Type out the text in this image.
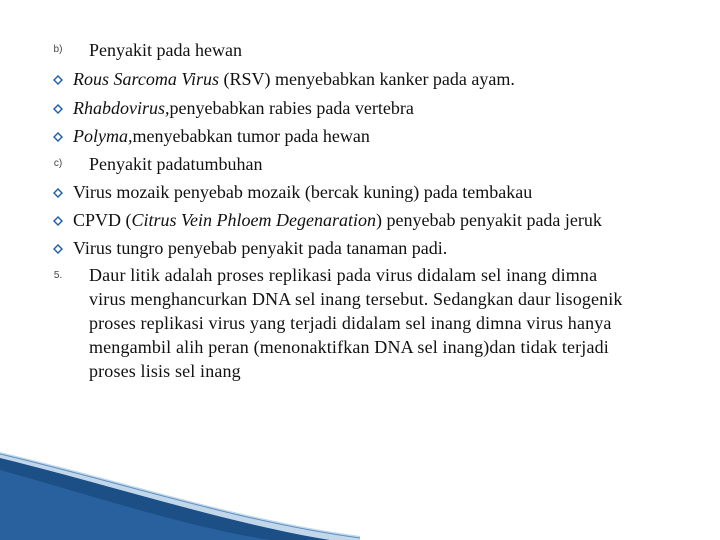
b) Penyakit pada hewan
Rous Sarcoma Virus (RSV) menyebabkan kanker pada ayam.
Rhabdovirus,penyebabkan rabies pada vertebra
Polyma,menyebabkan tumor pada hewan
c) Penyakit padatumbuhan
Virus mozaik penyebab mozaik (bercak kuning) pada tembakau
CPVD (Citrus Vein Phloem Degenaration) penyebab penyakit pada jeruk
Virus tungro penyebab penyakit pada tanaman padi.
5. Daur litik adalah proses replikasi pada virus didalam sel inang dimna
virus menghancurkan DNA sel inang tersebut. Sedangkan daur lisogenik
proses replikasi virus yang terjadi didalam sel inang dimna virus hanya
mengambil alih peran (menonaktifkan DNA sel inang)dan tidak terjadi
proses lisis sel inang
